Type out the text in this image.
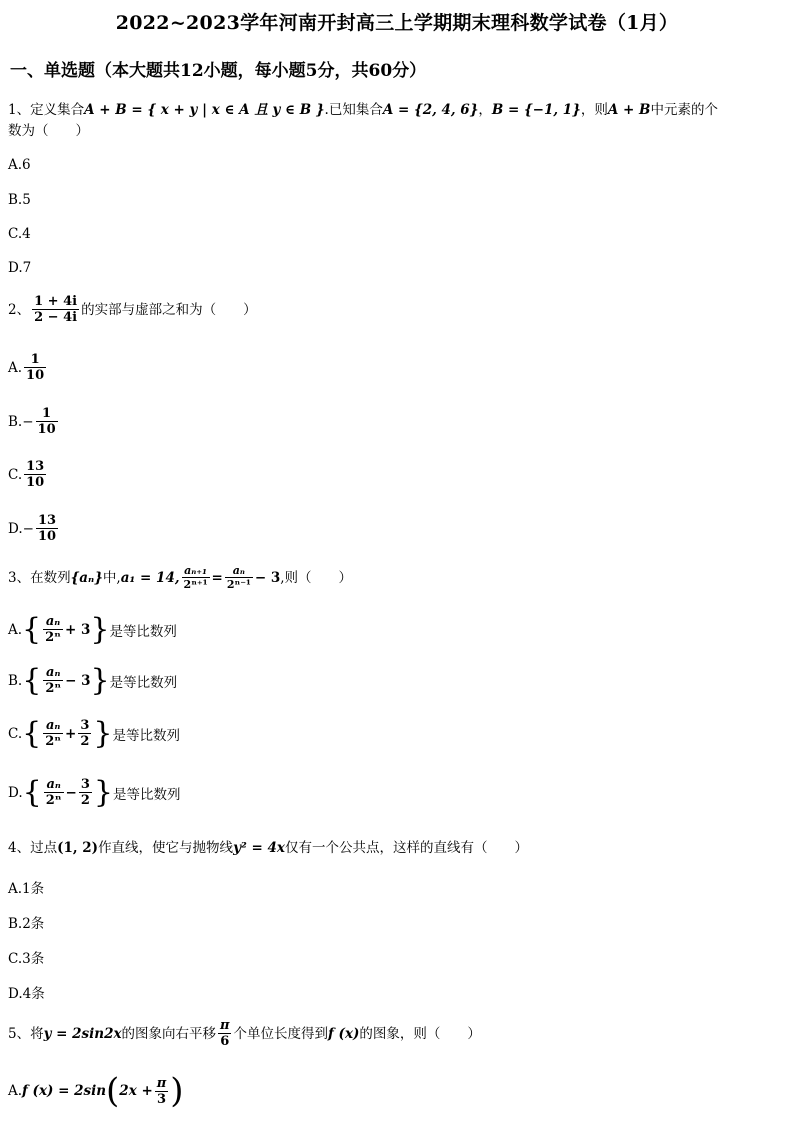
2022~2023学年河南开封高三上学期期末理科数学试卷（1月）
一、单选题（本大题共12小题，每小题5分，共60分）
1、定义集合A + B = { x + y | x ∈ A 且 y ∈ B }.已知集合A = {2, 4, 6}，B = {−1, 1}，则A + B中元素的个
数为（　　）
A.6
B.5
C.4
D.7
2、 $\frac{1 + 4i}{2 - 4i}$ 的实部与虚部之和为（　　）
A. $\frac{1}{10}$
$B.- \frac{1}{10}$
C. $\frac{13}{10}$
$D.- \frac{13}{10}$
3、 在数列 {aₙ} 中, a₁ = 14, $\frac{\text{aₙ₊₁}}{\text{2ⁿ⁺¹}} = \frac{\text{aₙ}}{\text{2ⁿ⁻¹}} - 3$ ,则（　　）
A. { $\frac{\text{aₙ}}{\text{2ⁿ}} + 3$ } 是等比数列
B. { $\frac{\text{aₙ}}{\text{2ⁿ}} - 3$ } 是等比数列
C. { $\frac{\text{aₙ}}{\text{2ⁿ}} + \frac{3}{2}$ } 是等比数列
D. { $\frac{\text{aₙ}}{\text{2ⁿ}} - \frac{3}{2}$ } 是等比数列
4、过点(1, 2)作直线，使它与抛物线y² = 4x仅有一个公共点，这样的直线有（　　）
A.1条
B.2条
C.3条
D.4条
5、 将 y = 2sin2x 的图象向右平移 $\frac{\pi}{6}$ 个单位长度得到 f (x) 的图象，则（　　）
A. f (x) = 2sin ( $2x + \frac{\pi}{3}$ )
